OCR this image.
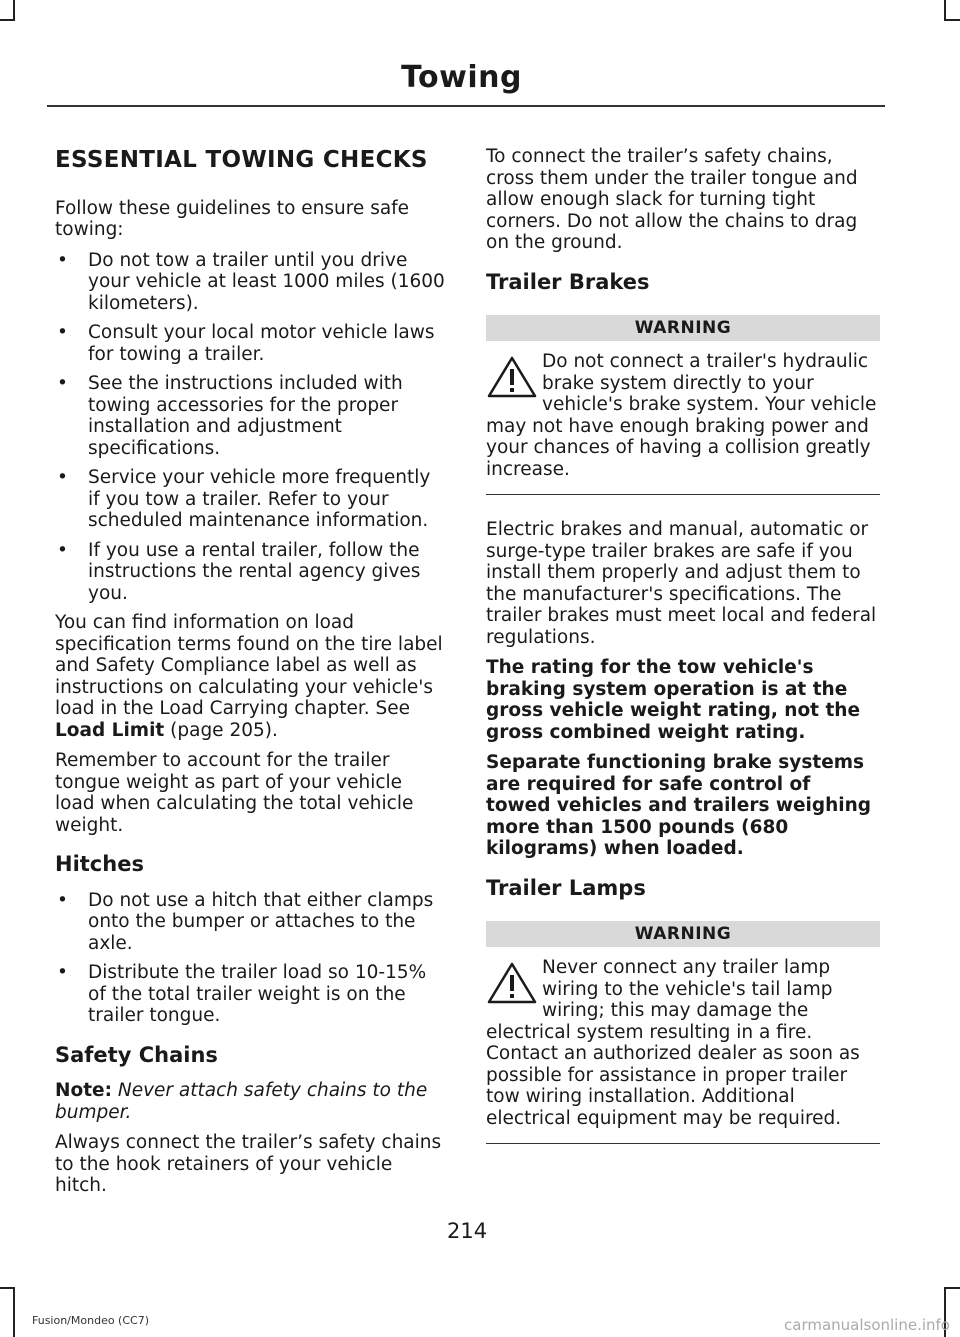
Towing
ESSENTIAL TOWING CHECKS

Follow these guidelines to ensure safe towing:

• Do not tow a trailer until you drive your vehicle at least 1000 miles (1600 kilometers).
• Consult your local motor vehicle laws for towing a trailer.
• See the instructions included with towing accessories for the proper installation and adjustment specifications.
• Service your vehicle more frequently if you tow a trailer. Refer to your scheduled maintenance information.
• If you use a rental trailer, follow the instructions the rental agency gives you.

You can find information on load specification terms found on the tire label and Safety Compliance label as well as instructions on calculating your vehicle's load in the Load Carrying chapter. See Load Limit (page 205).

Remember to account for the trailer tongue weight as part of your vehicle load when calculating the total vehicle weight.

Hitches
• Do not use a hitch that either clamps onto the bumper or attaches to the axle.
• Distribute the trailer load so 10-15% of the total trailer weight is on the trailer tongue.
Safety Chains

Note: Never attach safety chains to the bumper.

Always connect the trailer’s safety chains to the hook retainers of your vehicle hitch.

To connect the trailer’s safety chains, cross them under the trailer tongue and allow enough slack for turning tight corners. Do not allow the chains to drag on the ground.

Trailer Brakes
WARNING

Do not connect a trailer's hydraulic brake system directly to your vehicle's brake system. Your vehicle may not have enough braking power and your chances of having a collision greatly increase.

Electric brakes and manual, automatic or surge-type trailer brakes are safe if you install them properly and adjust them to the manufacturer's specifications. The trailer brakes must meet local and federal regulations.

The rating for the tow vehicle's braking system operation is at the gross vehicle weight rating, not the gross combined weight rating.

Separate functioning brake systems are required for safe control of towed vehicles and trailers weighing more than 1500 pounds (680 kilograms) when loaded.

Trailer Lamps
WARNING

Never connect any trailer lamp wiring to the vehicle's tail lamp wiring; this may damage the electrical system resulting in a fire. Contact an authorized dealer as soon as possible for assistance in proper trailer tow wiring installation. Additional electrical equipment may be required.

214
Fusion/Mondeo (CC7)	carmanualsonline.info
